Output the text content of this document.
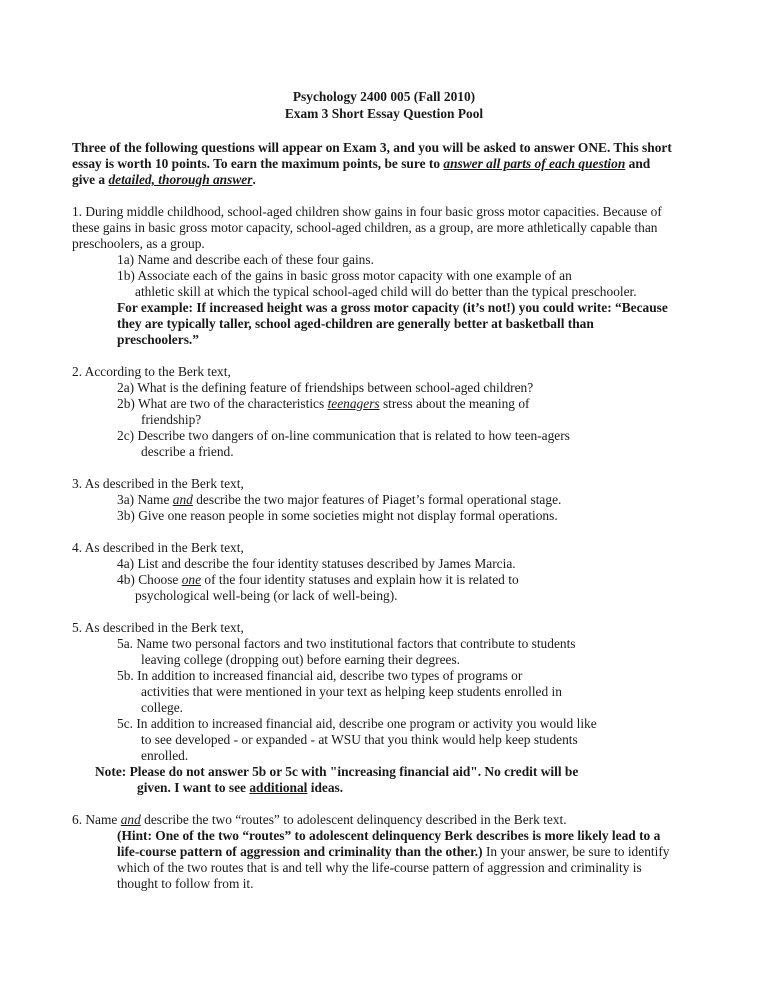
Psychology 2400 005 (Fall 2010)
Exam 3 Short Essay Question Pool
Three of the following questions will appear on Exam 3, and you will be asked to answer ONE. This short
essay is worth 10 points. To earn the maximum points, be sure to answer all parts of each question and
give a detailed, thorough answer.
1. During middle childhood, school-aged children show gains in four basic gross motor capacities. Because of
these gains in basic gross motor capacity, school-aged children, as a group, are more athletically capable than
preschoolers, as a group.
1a) Name and describe each of these four gains.
1b) Associate each of the gains in basic gross motor capacity with one example of an
athletic skill at which the typical school-aged child will do better than the typical preschooler.
For example: If increased height was a gross motor capacity (it’s not!) you could write: “Because
they are typically taller, school aged-children are generally better at basketball than
preschoolers.”
2. According to the Berk text,
2a) What is the defining feature of friendships between school-aged children?
2b) What are two of the characteristics teenagers stress about the meaning of
friendship?
2c) Describe two dangers of on-line communication that is related to how teen-agers
describe a friend.
3. As described in the Berk text,
3a) Name and describe the two major features of Piaget’s formal operational stage.
3b) Give one reason people in some societies might not display formal operations.
4. As described in the Berk text,
4a) List and describe the four identity statuses described by James Marcia.
4b) Choose one of the four identity statuses and explain how it is related to
psychological well-being (or lack of well-being).
5. As described in the Berk text,
5a. Name two personal factors and two institutional factors that contribute to students
leaving college (dropping out) before earning their degrees.
5b. In addition to increased financial aid, describe two types of programs or
activities that were mentioned in your text as helping keep students enrolled in
college.
5c. In addition to increased financial aid, describe one program or activity you would like
to see developed - or expanded - at WSU that you think would help keep students
enrolled.
Note: Please do not answer 5b or 5c with "increasing financial aid". No credit will be
given. I want to see additional ideas.
6. Name and describe the two “routes” to adolescent delinquency described in the Berk text.
(Hint: One of the two “routes” to adolescent delinquency Berk describes is more likely lead to a
life-course pattern of aggression and criminality than the other.) In your answer, be sure to identify
which of the two routes that is and tell why the life-course pattern of aggression and criminality is
thought to follow from it.
